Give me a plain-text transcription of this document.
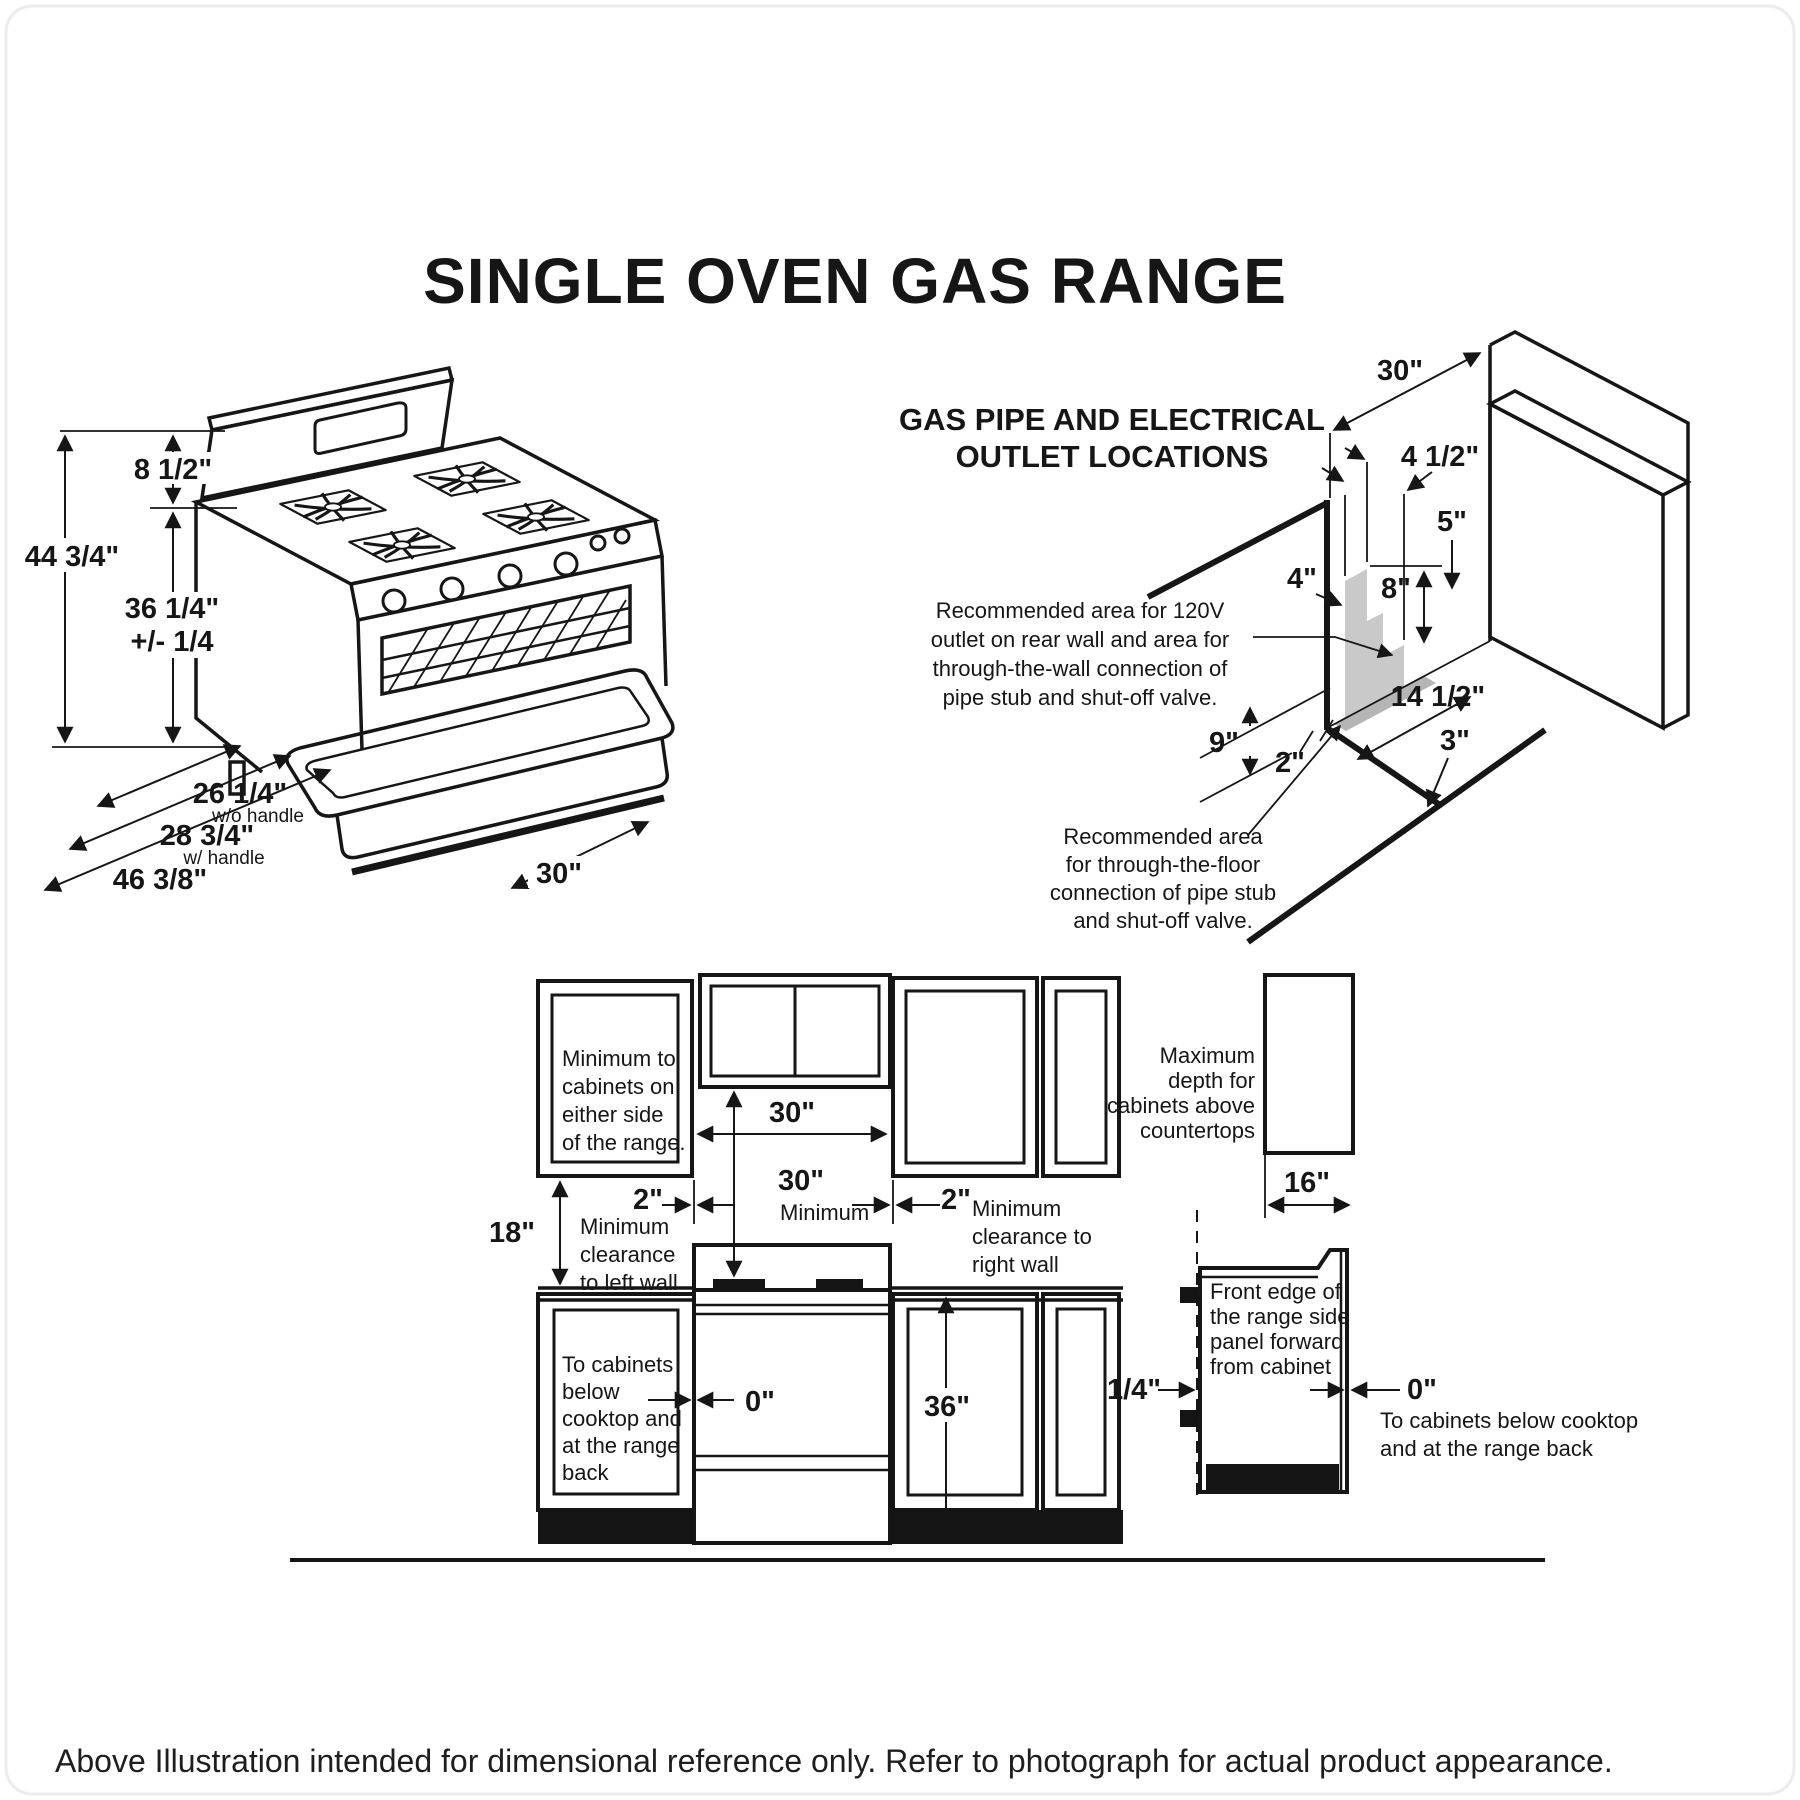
SINGLE OVEN GAS RANGE
44 3/4"
8 1/2"
36 1/4"
+/- 1/4
26 1/4"
w/o handle
28 3/4"
w/ handle
46 3/8"	30"
GAS PIPE AND ELECTRICAL
OUTLET LOCATIONS
30"
4 1/2"
4" 8"
5"
9"
2"
14 1/2"
3"
Recommended area for 120V
outlet on rear wall and area for
through-the-wall connection of
pipe stub and shut-off valve.
Recommended area
for through-the-floor
connection of pipe stub
and shut-off valve.
Minimum to
cabinets on
either side
of the range.
30"
30"
Minimum
2"	2"
18" Minimum
clearance
to left wall
Minimum
clearance to
right wall
To cabinets
below
cooktop and
at the range
back
0"	36"
Maximum
depth for
cabinets above
countertops
16"
Front edge of
the range side
panel forward
from cabinet
1/4"	0"
To cabinets below cooktop
and at the range back
Above Illustration intended for dimensional reference only. Refer to photograph for actual product appearance.
